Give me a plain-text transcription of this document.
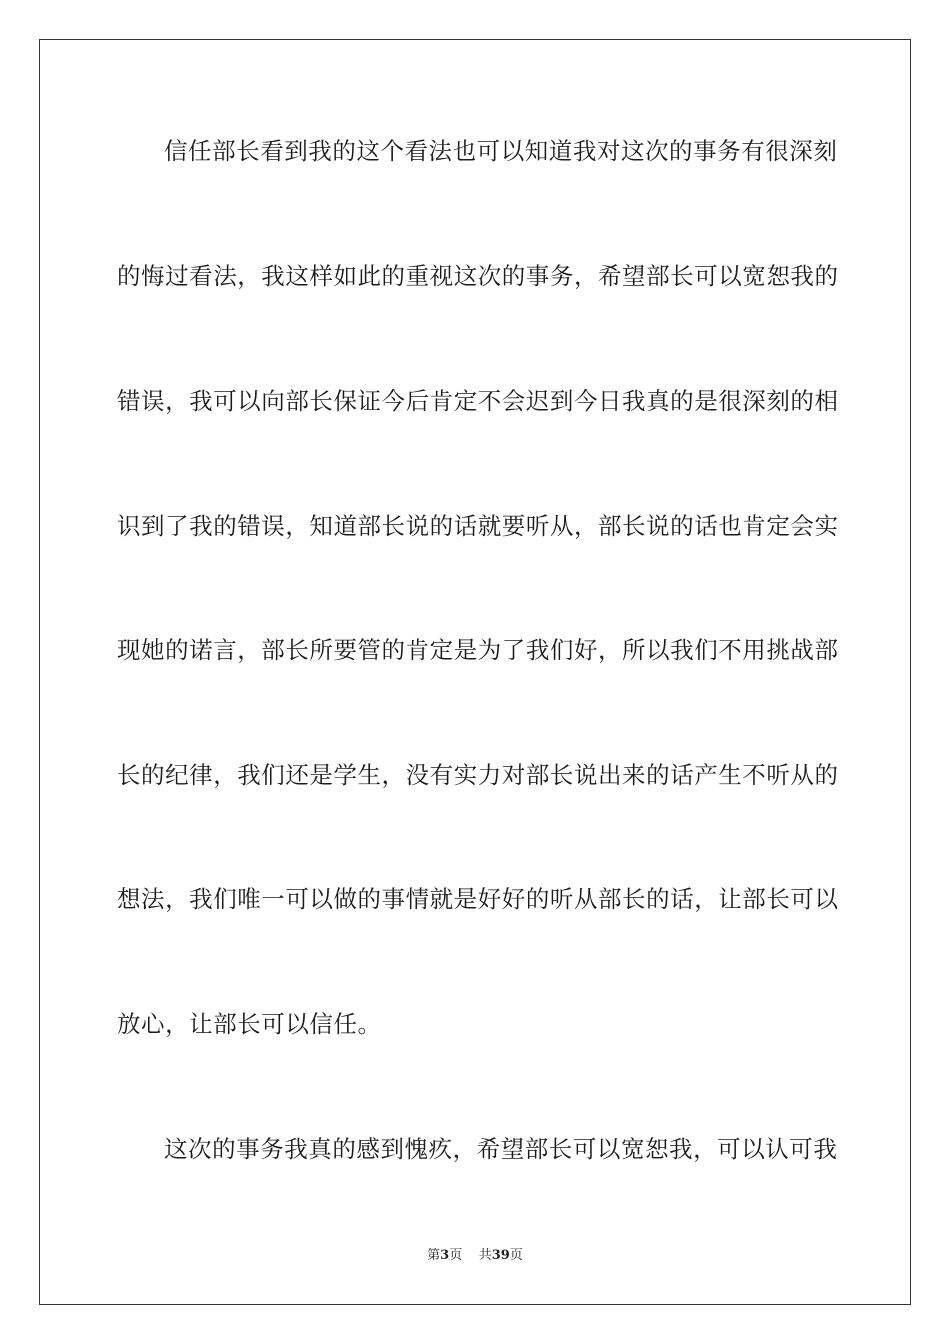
信任部长看到我的这个看法也可以知道我对这次的事务有很深刻
的悔过看法，我这样如此的重视这次的事务，希望部长可以宽恕我的
错误，我可以向部长保证今后肯定不会迟到今日我真的是很深刻的相
识到了我的错误，知道部长说的话就要听从，部长说的话也肯定会实
现她的诺言，部长所要管的肯定是为了我们好，所以我们不用挑战部
长的纪律，我们还是学生，没有实力对部长说出来的话产生不听从的
想法，我们唯一可以做的事情就是好好的听从部长的话，让部长可以
放心，让部长可以信任。
这次的事务我真的感到愧疚，希望部长可以宽恕我，可以认可我
第3页 共39页
